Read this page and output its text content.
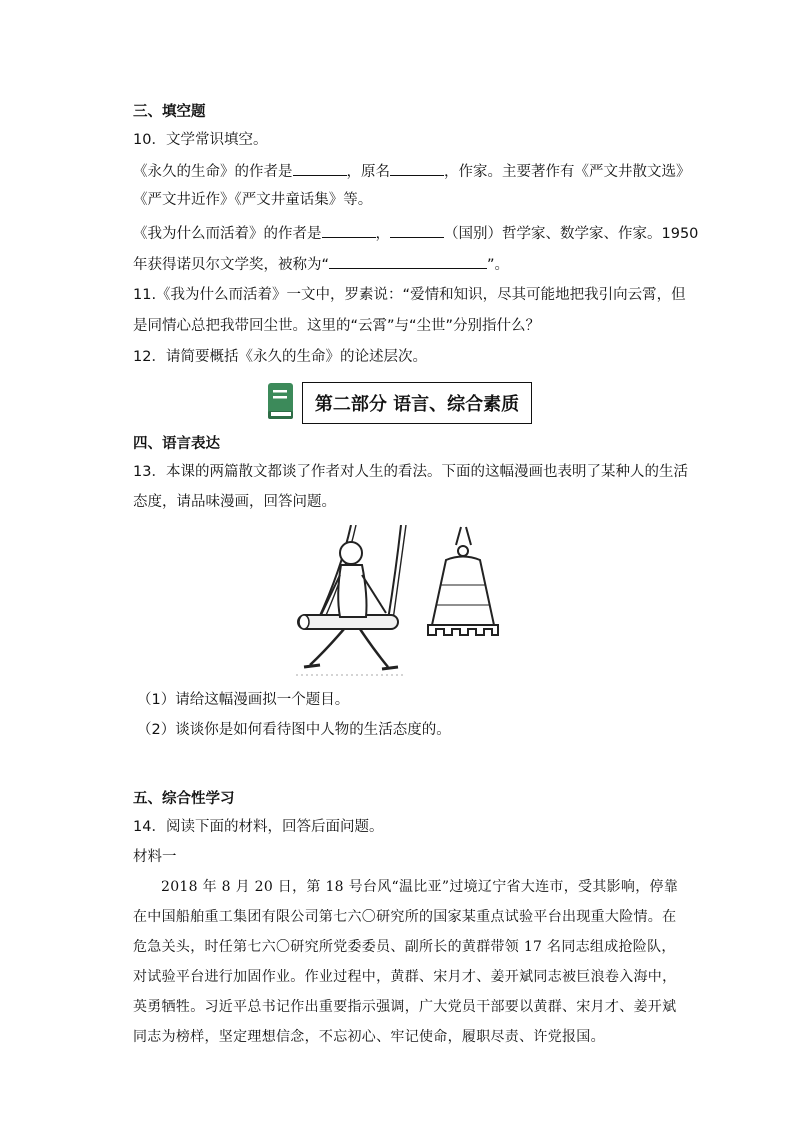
三、填空题
10．文学常识填空。
《永久的生命》的作者是	，原名	，作家。主要著作有《严文井散文选》
《严文井近作》《严文井童话集》等。
《我为什么而活着》的作者是	，	（国别）哲学家、数学家、作家。1950
年获得诺贝尔文学奖，被称为“	”。
11.《我为什么而活着》一文中，罗素说：“爱情和知识，尽其可能地把我引向云霄，但
是同情心总把我带回尘世。这里的“云霄”与“尘世”分别指什么？
12．请简要概括《永久的生命》的论述层次。
第二部分 语言、综合素质
四、语言表达
13．本课的两篇散文都谈了作者对人生的看法。下面的这幅漫画也表明了某种人的生活
态度，请品味漫画，回答问题。
（1）请给这幅漫画拟一个题目。
（2）谈谈你是如何看待图中人物的生活态度的。
五、综合性学习
14．阅读下面的材料，回答后面问题。
材料一
2018 年 8 月 20 日，第 18 号台风“温比亚”过境辽宁省大连市，受其影响，停靠
在中国船舶重工集团有限公司第七六〇研究所的国家某重点试验平台出现重大险情。在
危急关头，时任第七六〇研究所党委委员、副所长的黄群带领 17 名同志组成抢险队，
对试验平台进行加固作业。作业过程中，黄群、宋月才、姜开斌同志被巨浪卷入海中，
英勇牺牲。习近平总书记作出重要指示强调，广大党员干部要以黄群、宋月才、姜开斌
同志为榜样，坚定理想信念，不忘初心、牢记使命，履职尽责、许党报国。
